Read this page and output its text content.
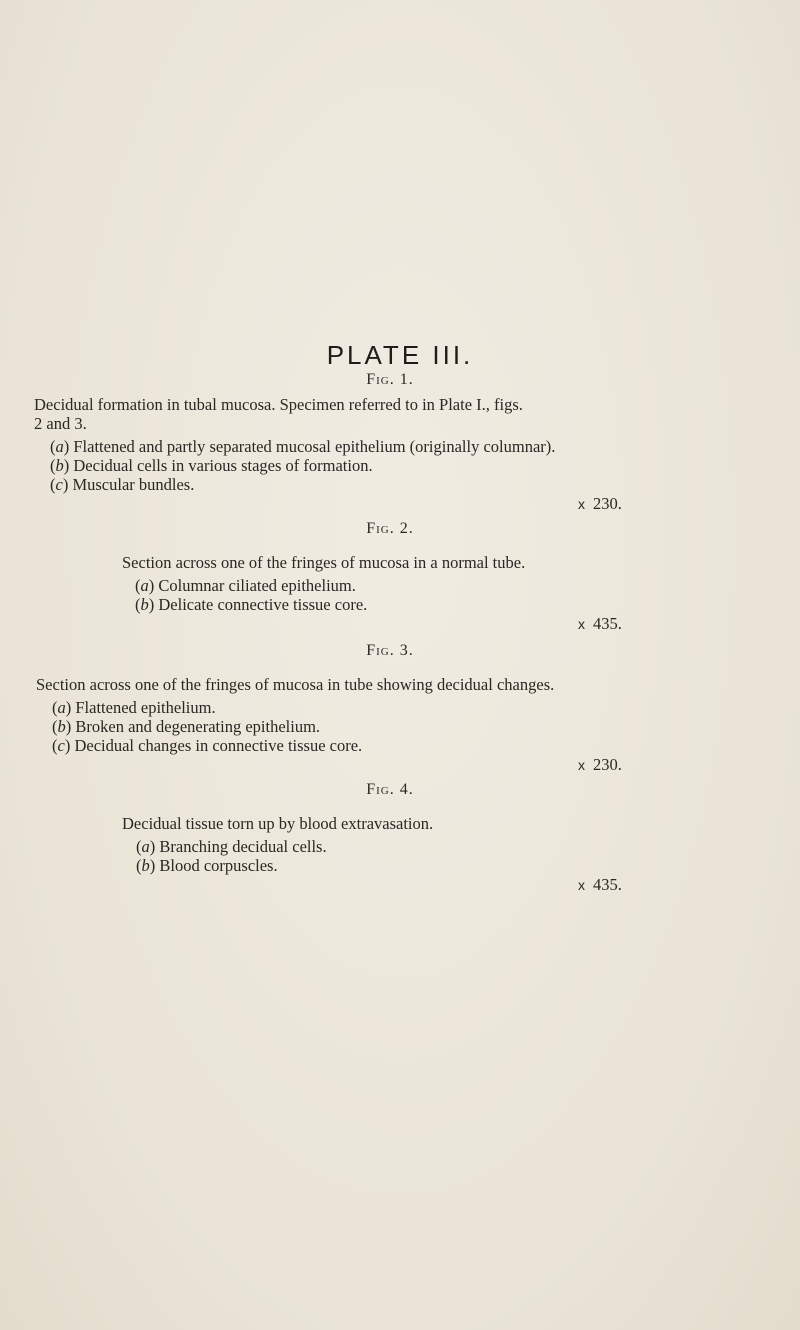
PLATE III.

Fig. 1.

Decidual formation in tubal mucosa. Specimen referred to in Plate I., figs.

2 and 3.

(a) Flattened and partly separated mucosal epithelium (originally columnar).

(b) Decidual cells in various stages of formation.

(c) Muscular bundles.

x 230.

Fig. 2.

Section across one of the fringes of mucosa in a normal tube.

(a) Columnar ciliated epithelium.

(b) Delicate connective tissue core.

x 435.

Fig. 3.

Section across one of the fringes of mucosa in tube showing decidual changes.

(a) Flattened epithelium.

(b) Broken and degenerating epithelium.

(c) Decidual changes in connective tissue core.

x 230.

Fig. 4.

Decidual tissue torn up by blood extravasation.

(a) Branching decidual cells.

(b) Blood corpuscles.

x 435.
